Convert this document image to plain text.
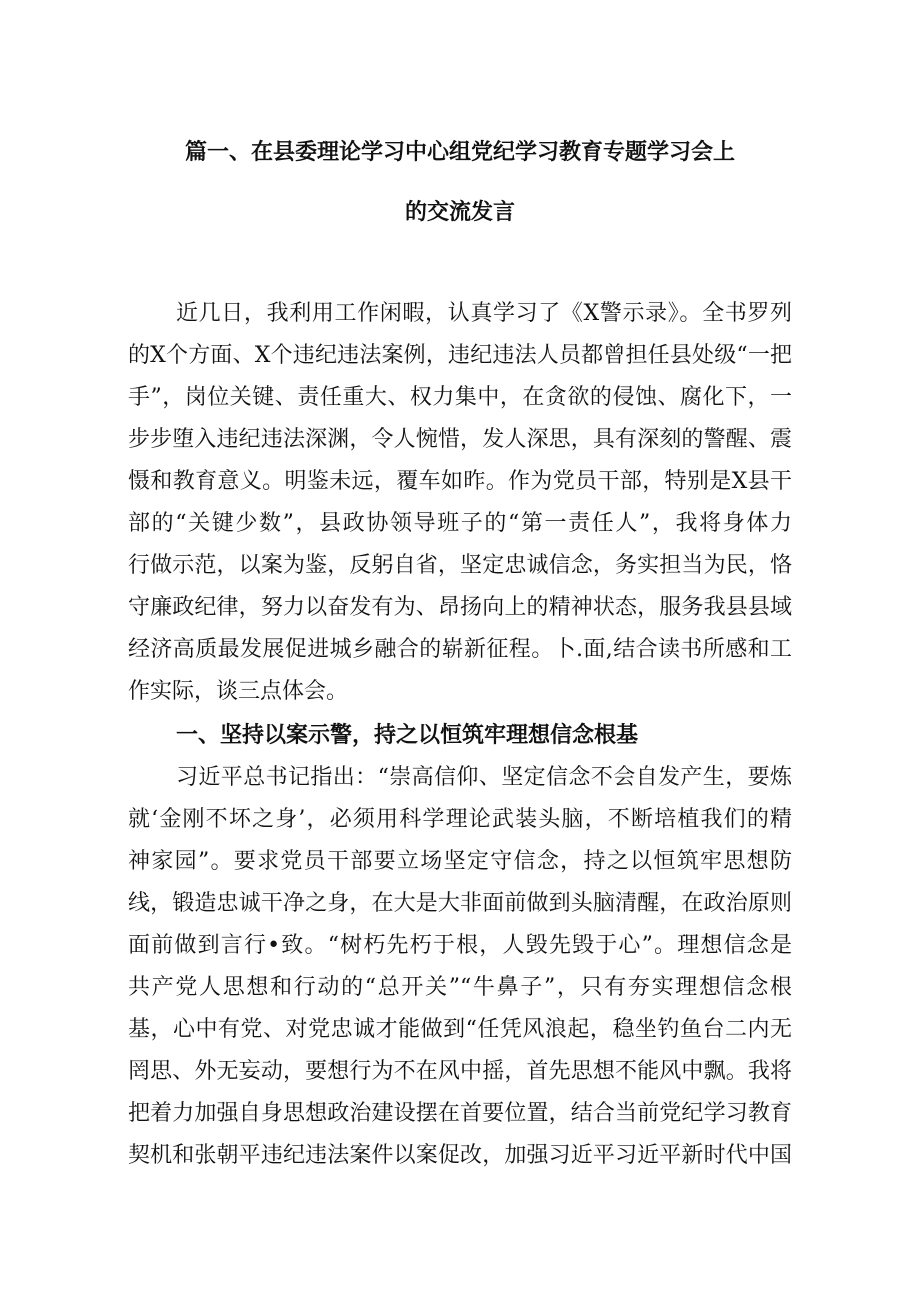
篇一、在县委理论学习中心组党纪学习教育专题学习会上
的交流发言

近几日，我利用工作闲暇，认真学习了《X警示录》。全书罗列

的X个方面、X个违纪违法案例，违纪违法人员都曾担任县处级“一把

手”，岗位关键、责任重大、权力集中，在贪欲的侵蚀、腐化下，一

步步堕入违纪违法深渊，令人惋惜，发人深思，具有深刻的警醒、震

慑和教育意义。明鉴未远，覆车如昨。作为党员干部，特别是X县干

部的“关键少数”，县政协领导班子的“第一责任人”，我将身体力

行做示范，以案为鉴，反躬自省，坚定忠诚信念，务实担当为民，恪

守廉政纪律，努力以奋发有为、昂扬向上的精神状态，服务我县县域

经济高质最发展促进城乡融合的崭新征程。卜.面,结合读书所感和工

作实际，谈三点体会。

一、坚持以案示警，持之以恒筑牢理想信念根基

习近平总书记指出：“崇高信仰、坚定信念不会自发产生，要炼

就‘金刚不坏之身’，必须用科学理论武装头脑，不断培植我们的精

神家园”。要求党员干部要立场坚定守信念，持之以恒筑牢思想防

线，锻造忠诚干净之身，在大是大非面前做到头脑清醒，在政治原则

面前做到言行•致。“树朽先朽于根，人毁先毁于心”。理想信念是

共产党人思想和行动的“总开关”“牛鼻子”，只有夯实理想信念根

基，心中有党、对党忠诚才能做到“任凭风浪起，稳坐钓鱼台二内无

罔思、外无妄动，要想行为不在风中摇，首先思想不能风中飘。我将

把着力加强自身思想政治建设摆在首要位置，结合当前党纪学习教育

契机和张朝平违纪违法案件以案促改，加强习近平习近平新时代中国
